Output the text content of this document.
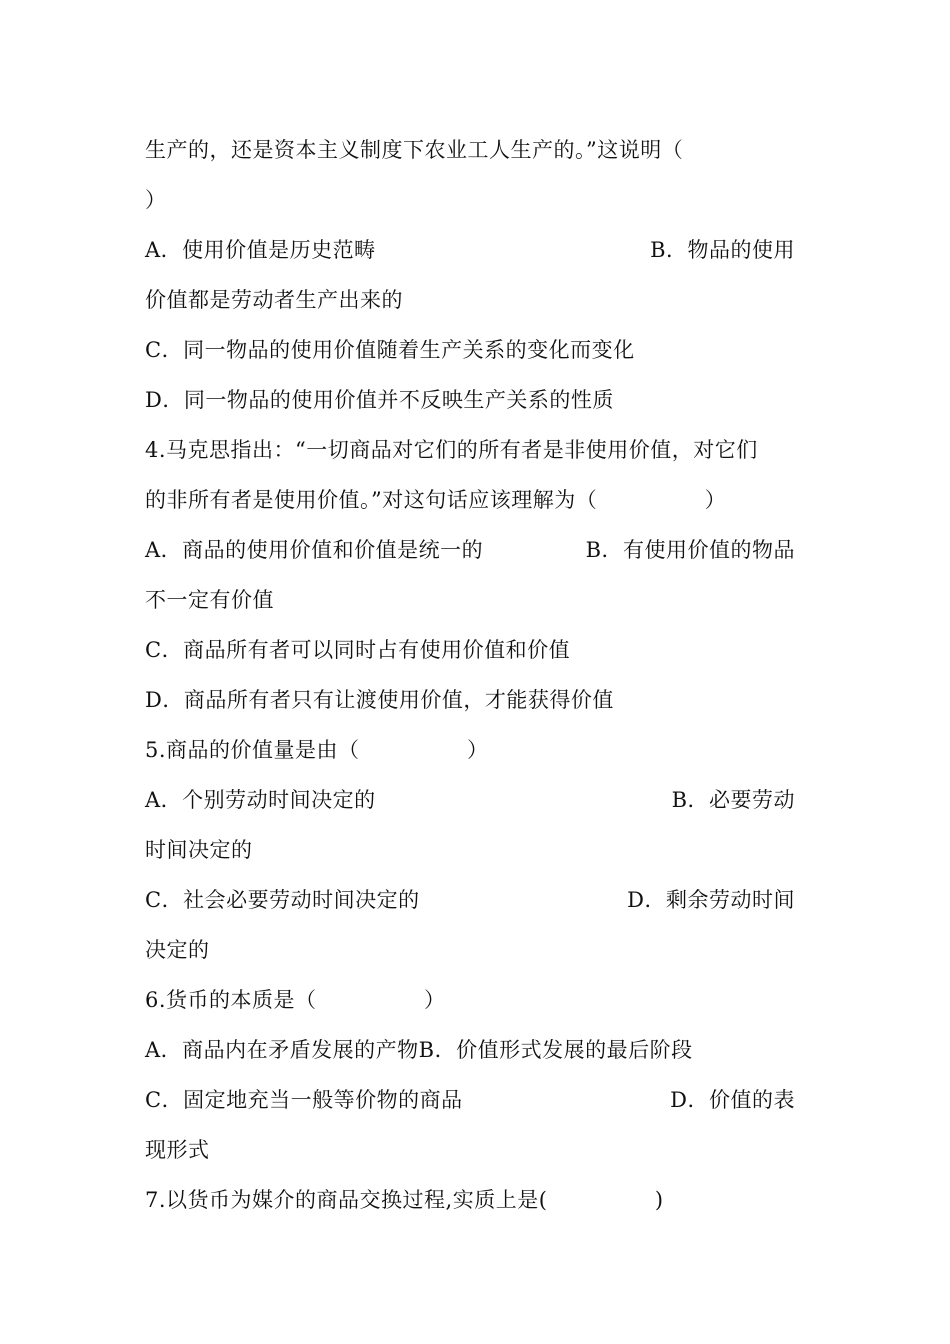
生产的，还是资本主义制度下农业工人生产的。”这说明（
）
A．使用价值是历史范畴	B．物品的使用
价值都是劳动者生产出来的
C．同一物品的使用价值随着生产关系的变化而变化
D．同一物品的使用价值并不反映生产关系的性质
4.马克思指出：“一切商品对它们的所有者是非使用价值，对它们
的非所有者是使用价值。”对这句话应该理解为（　　　　　）
A．商品的使用价值和价值是统一的	B．有使用价值的物品
不一定有价值
C．商品所有者可以同时占有使用价值和价值
D．商品所有者只有让渡使用价值，才能获得价值
5.商品的价值量是由（　　　　　）
A．个别劳动时间决定的	B．必要劳动
时间决定的
C．社会必要劳动时间决定的	D．剩余劳动时间
决定的
6.货币的本质是（　　　　　）
A．商品内在矛盾发展的产物B．价值形式发展的最后阶段
C．固定地充当一般等价物的商品	D．价值的表
现形式
7.以货币为媒介的商品交换过程,实质上是(　　　　　)
